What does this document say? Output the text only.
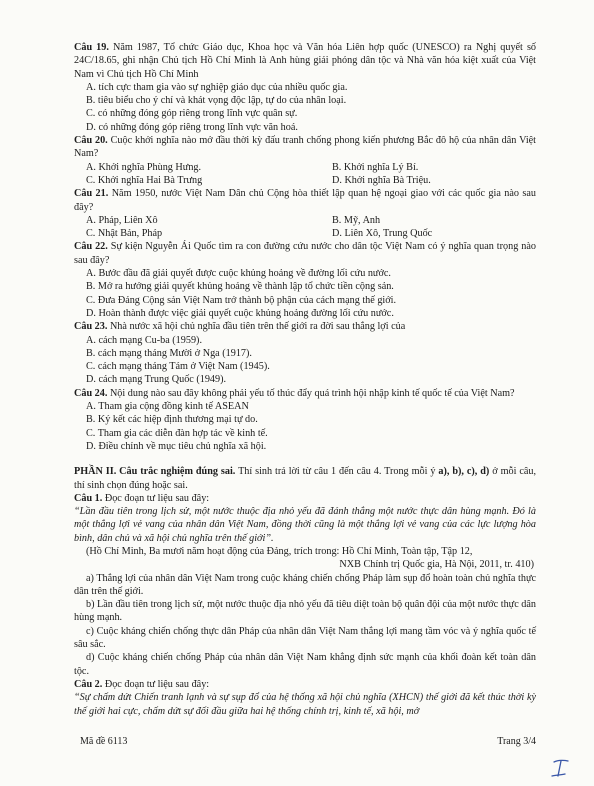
Câu 19. Năm 1987, Tổ chức Giáo dục, Khoa học và Văn hóa Liên hợp quốc (UNESCO) ra Nghị quyết số 24C/18.65, ghi nhận Chủ tịch Hồ Chí Minh là Anh hùng giải phóng dân tộc và Nhà văn hóa kiệt xuất của Việt Nam vì Chủ tịch Hồ Chí Minh

A. tích cực tham gia vào sự nghiệp giáo dục của nhiều quốc gia.

B. tiêu biểu cho ý chí và khát vọng độc lập, tự do của nhân loại.

C. có những đóng góp riêng trong lĩnh vực quân sự.

D. có những đóng góp riêng trong lĩnh vực văn hoá.

Câu 20. Cuộc khởi nghĩa nào mở đầu thời kỳ đấu tranh chống phong kiến phương Bắc đô hộ của nhân dân Việt Nam?

A. Khởi nghĩa Phùng Hưng.	B. Khởi nghĩa Lý Bí.
C. Khởi nghĩa Hai Bà Trưng	D. Khởi nghĩa Bà Triệu.

Câu 21. Năm 1950, nước Việt Nam Dân chủ Cộng hòa thiết lập quan hệ ngoại giao với các quốc gia nào sau đây?

A. Pháp, Liên Xô	B. Mỹ, Anh
C. Nhật Bản, Pháp	D. Liên Xô, Trung Quốc

Câu 22. Sự kiện Nguyễn Ái Quốc tìm ra con đường cứu nước cho dân tộc Việt Nam có ý nghĩa quan trọng nào sau đây?

A. Bước đầu đã giải quyết được cuộc khủng hoảng về đường lối cứu nước.

B. Mở ra hướng giải quyết khủng hoảng về thành lập tổ chức tiền cộng sản.

C. Đưa Đảng Cộng sản Việt Nam trở thành bộ phận của cách mạng thế giới.

D. Hoàn thành được việc giải quyết cuộc khủng hoảng đường lối cứu nước.

Câu 23. Nhà nước xã hội chủ nghĩa đầu tiên trên thế giới ra đời sau thắng lợi của

A. cách mạng Cu-ba (1959).

B. cách mạng tháng Mười ở Nga (1917).

C. cách mạng tháng Tám ở Việt Nam (1945).

D. cách mạng Trung Quốc (1949).

Câu 24. Nội dung nào sau đây không phải yếu tố thúc đẩy quá trình hội nhập kinh tế quốc tế của Việt Nam?

A. Tham gia cộng đồng kinh tế ASEAN

B. Ký kết các hiệp định thương mại tự do.

C. Tham gia các diễn đàn hợp tác về kinh tế.

D. Điều chỉnh về mục tiêu chủ nghĩa xã hội.

PHẦN II. Câu trắc nghiệm đúng sai. Thí sinh trả lời từ câu 1 đến câu 4. Trong mỗi ý a), b), c), d) ở mỗi câu, thí sinh chọn đúng hoặc sai.

Câu 1. Đọc đoạn tư liệu sau đây:

“Lần đầu tiên trong lịch sử, một nước thuộc địa nhỏ yếu đã đánh thắng một nước thực dân hùng mạnh. Đó là một thắng lợi vẻ vang của nhân dân Việt Nam, đồng thời cũng là một thắng lợi vẻ vang của các lực lượng hòa bình, dân chủ và xã hội chủ nghĩa trên thế giới”.

(Hồ Chí Minh, Ba mươi năm hoạt động của Đảng, trích trong: Hồ Chí Minh, Toàn tập, Tập 12,

NXB Chính trị Quốc gia, Hà Nội, 2011, tr. 410)

a) Thắng lợi của nhân dân Việt Nam trong cuộc kháng chiến chống Pháp làm sụp đổ hoàn toàn chủ nghĩa thực dân trên thế giới.

b) Lần đầu tiên trong lịch sử, một nước thuộc địa nhỏ yếu đã tiêu diệt toàn bộ quân đội của một nước thực dân hùng mạnh.

c) Cuộc kháng chiến chống thực dân Pháp của nhân dân Việt Nam thắng lợi mang tầm vóc và ý nghĩa quốc tế sâu sắc.

d) Cuộc kháng chiến chống Pháp của nhân dân Việt Nam khẳng định sức mạnh của khối đoàn kết toàn dân tộc.

Câu 2. Đọc đoạn tư liệu sau đây:

“Sự chấm dứt Chiến tranh lạnh và sự sụp đổ của hệ thống xã hội chủ nghĩa (XHCN) thế giới đã kết thúc thời kỳ thế giới hai cực, chấm dứt sự đối đầu giữa hai hệ thống chính trị, kinh tế, xã hội, mở

Mã đề 6113	Trang 3/4
